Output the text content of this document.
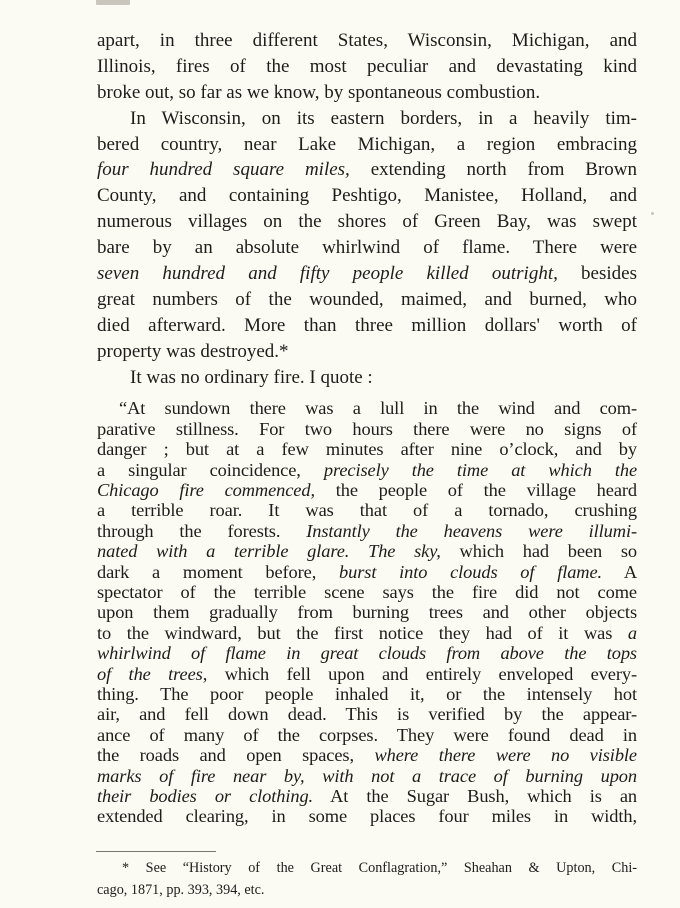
apart, in three different States, Wisconsin, Michigan, and
Illinois, fires of the most peculiar and devastating kind
broke out, so far as we know, by spontaneous combustion.
In Wisconsin, on its eastern borders, in a heavily tim-
bered country, near Lake Michigan, a region embracing
four hundred square miles, extending north from Brown
County, and containing Peshtigo, Manistee, Holland, and
numerous villages on the shores of Green Bay, was swept
bare by an absolute whirlwind of flame. There were
seven hundred and fifty people killed outright, besides
great numbers of the wounded, maimed, and burned, who
died afterward. More than three million dollars' worth of
property was destroyed.*
It was no ordinary fire. I quote :
“At sundown there was a lull in the wind and com-
parative stillness. For two hours there were no signs of
danger ; but at a few minutes after nine o’clock, and by
a singular coincidence, precisely the time at which the
Chicago fire commenced, the people of the village heard
a terrible roar. It was that of a tornado, crushing
through the forests. Instantly the heavens were illumi-
nated with a terrible glare. The sky, which had been so
dark a moment before, burst into clouds of flame. A
spectator of the terrible scene says the fire did not come
upon them gradually from burning trees and other objects
to the windward, but the first notice they had of it was a
whirlwind of flame in great clouds from above the tops
of the trees, which fell upon and entirely enveloped every-
thing. The poor people inhaled it, or the intensely hot
air, and fell down dead. This is verified by the appear-
ance of many of the corpses. They were found dead in
the roads and open spaces, where there were no visible
marks of fire near by, with not a trace of burning upon
their bodies or clothing. At the Sugar Bush, which is an
extended clearing, in some places four miles in width,
* See “History of the Great Conflagration,” Sheahan & Upton, Chi-
cago, 1871, pp. 393, 394, etc.
